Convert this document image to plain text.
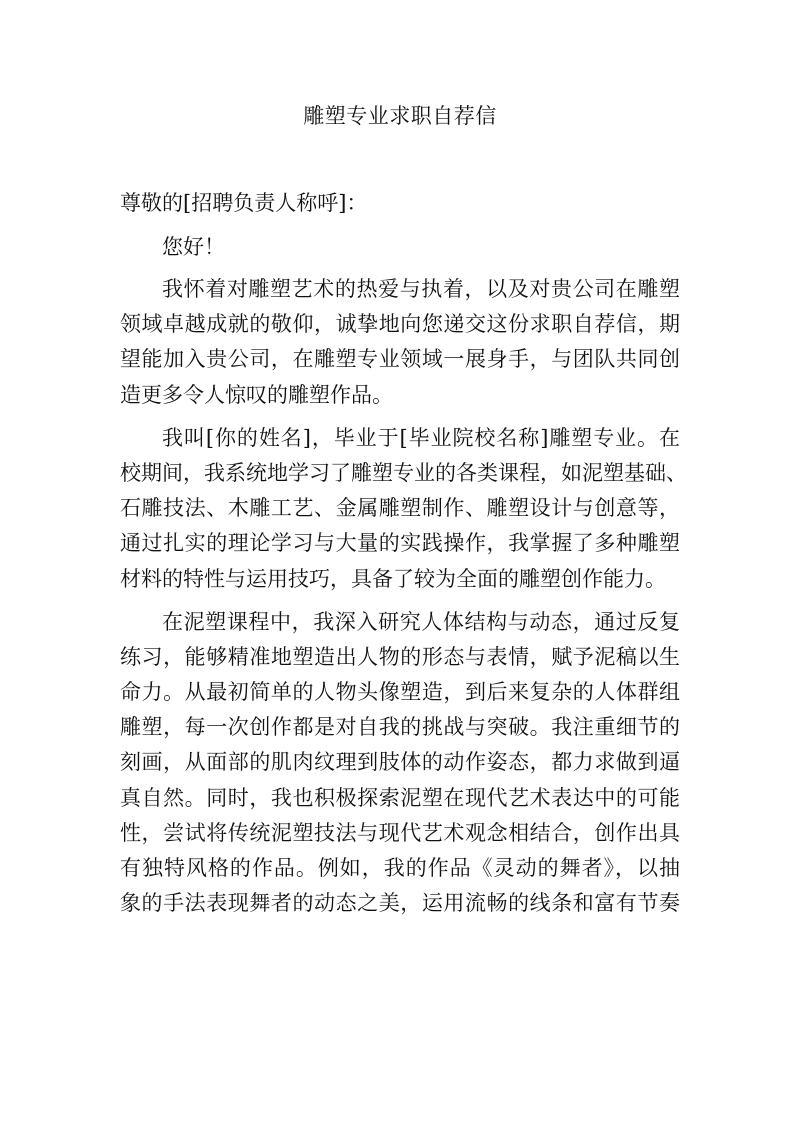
雕塑专业求职自荐信

尊敬的[招聘负责人称呼]：

您好！

我怀着对雕塑艺术的热爱与执着，以及对贵公司在雕塑
领域卓越成就的敬仰，诚挚地向您递交这份求职自荐信，期
望能加入贵公司，在雕塑专业领域一展身手，与团队共同创
造更多令人惊叹的雕塑作品。

我叫[你的姓名]，毕业于[毕业院校名称]雕塑专业。在
校期间，我系统地学习了雕塑专业的各类课程，如泥塑基础、
石雕技法、木雕工艺、金属雕塑制作、雕塑设计与创意等，
通过扎实的理论学习与大量的实践操作，我掌握了多种雕塑
材料的特性与运用技巧，具备了较为全面的雕塑创作能力。

在泥塑课程中，我深入研究人体结构与动态，通过反复
练习，能够精准地塑造出人物的形态与表情，赋予泥稿以生
命力。从最初简单的人物头像塑造，到后来复杂的人体群组
雕塑，每一次创作都是对自我的挑战与突破。我注重细节的
刻画，从面部的肌肉纹理到肢体的动作姿态，都力求做到逼
真自然。同时，我也积极探索泥塑在现代艺术表达中的可能
性，尝试将传统泥塑技法与现代艺术观念相结合，创作出具
有独特风格的作品。例如，我的作品《灵动的舞者》，以抽
象的手法表现舞者的动态之美，运用流畅的线条和富有节奏
